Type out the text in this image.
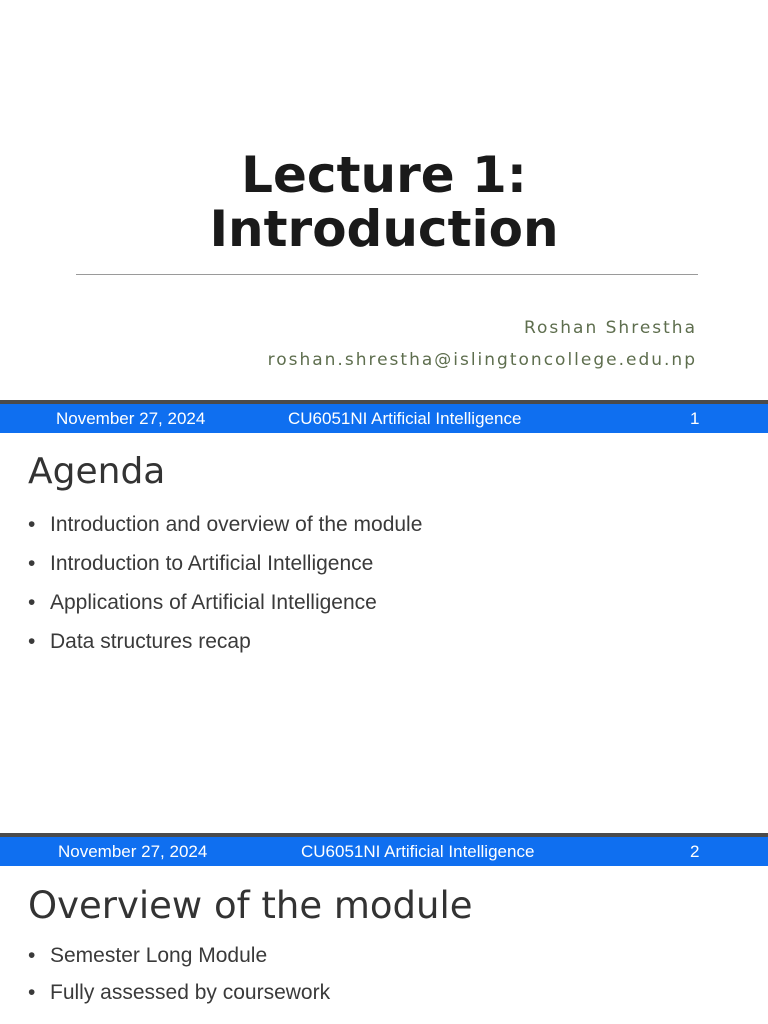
Lecture 1:
Introduction
Roshan Shrestha
roshan.shrestha@islingtoncollege.edu.np
November 27, 2024	CU6051NI Artificial Intelligence	1
Agenda
• Introduction and overview of the module
• Introduction to Artificial Intelligence
• Applications of Artificial Intelligence
• Data structures recap
November 27, 2024	CU6051NI Artificial Intelligence	2
Overview of the module
• Semester Long Module
• Fully assessed by coursework
